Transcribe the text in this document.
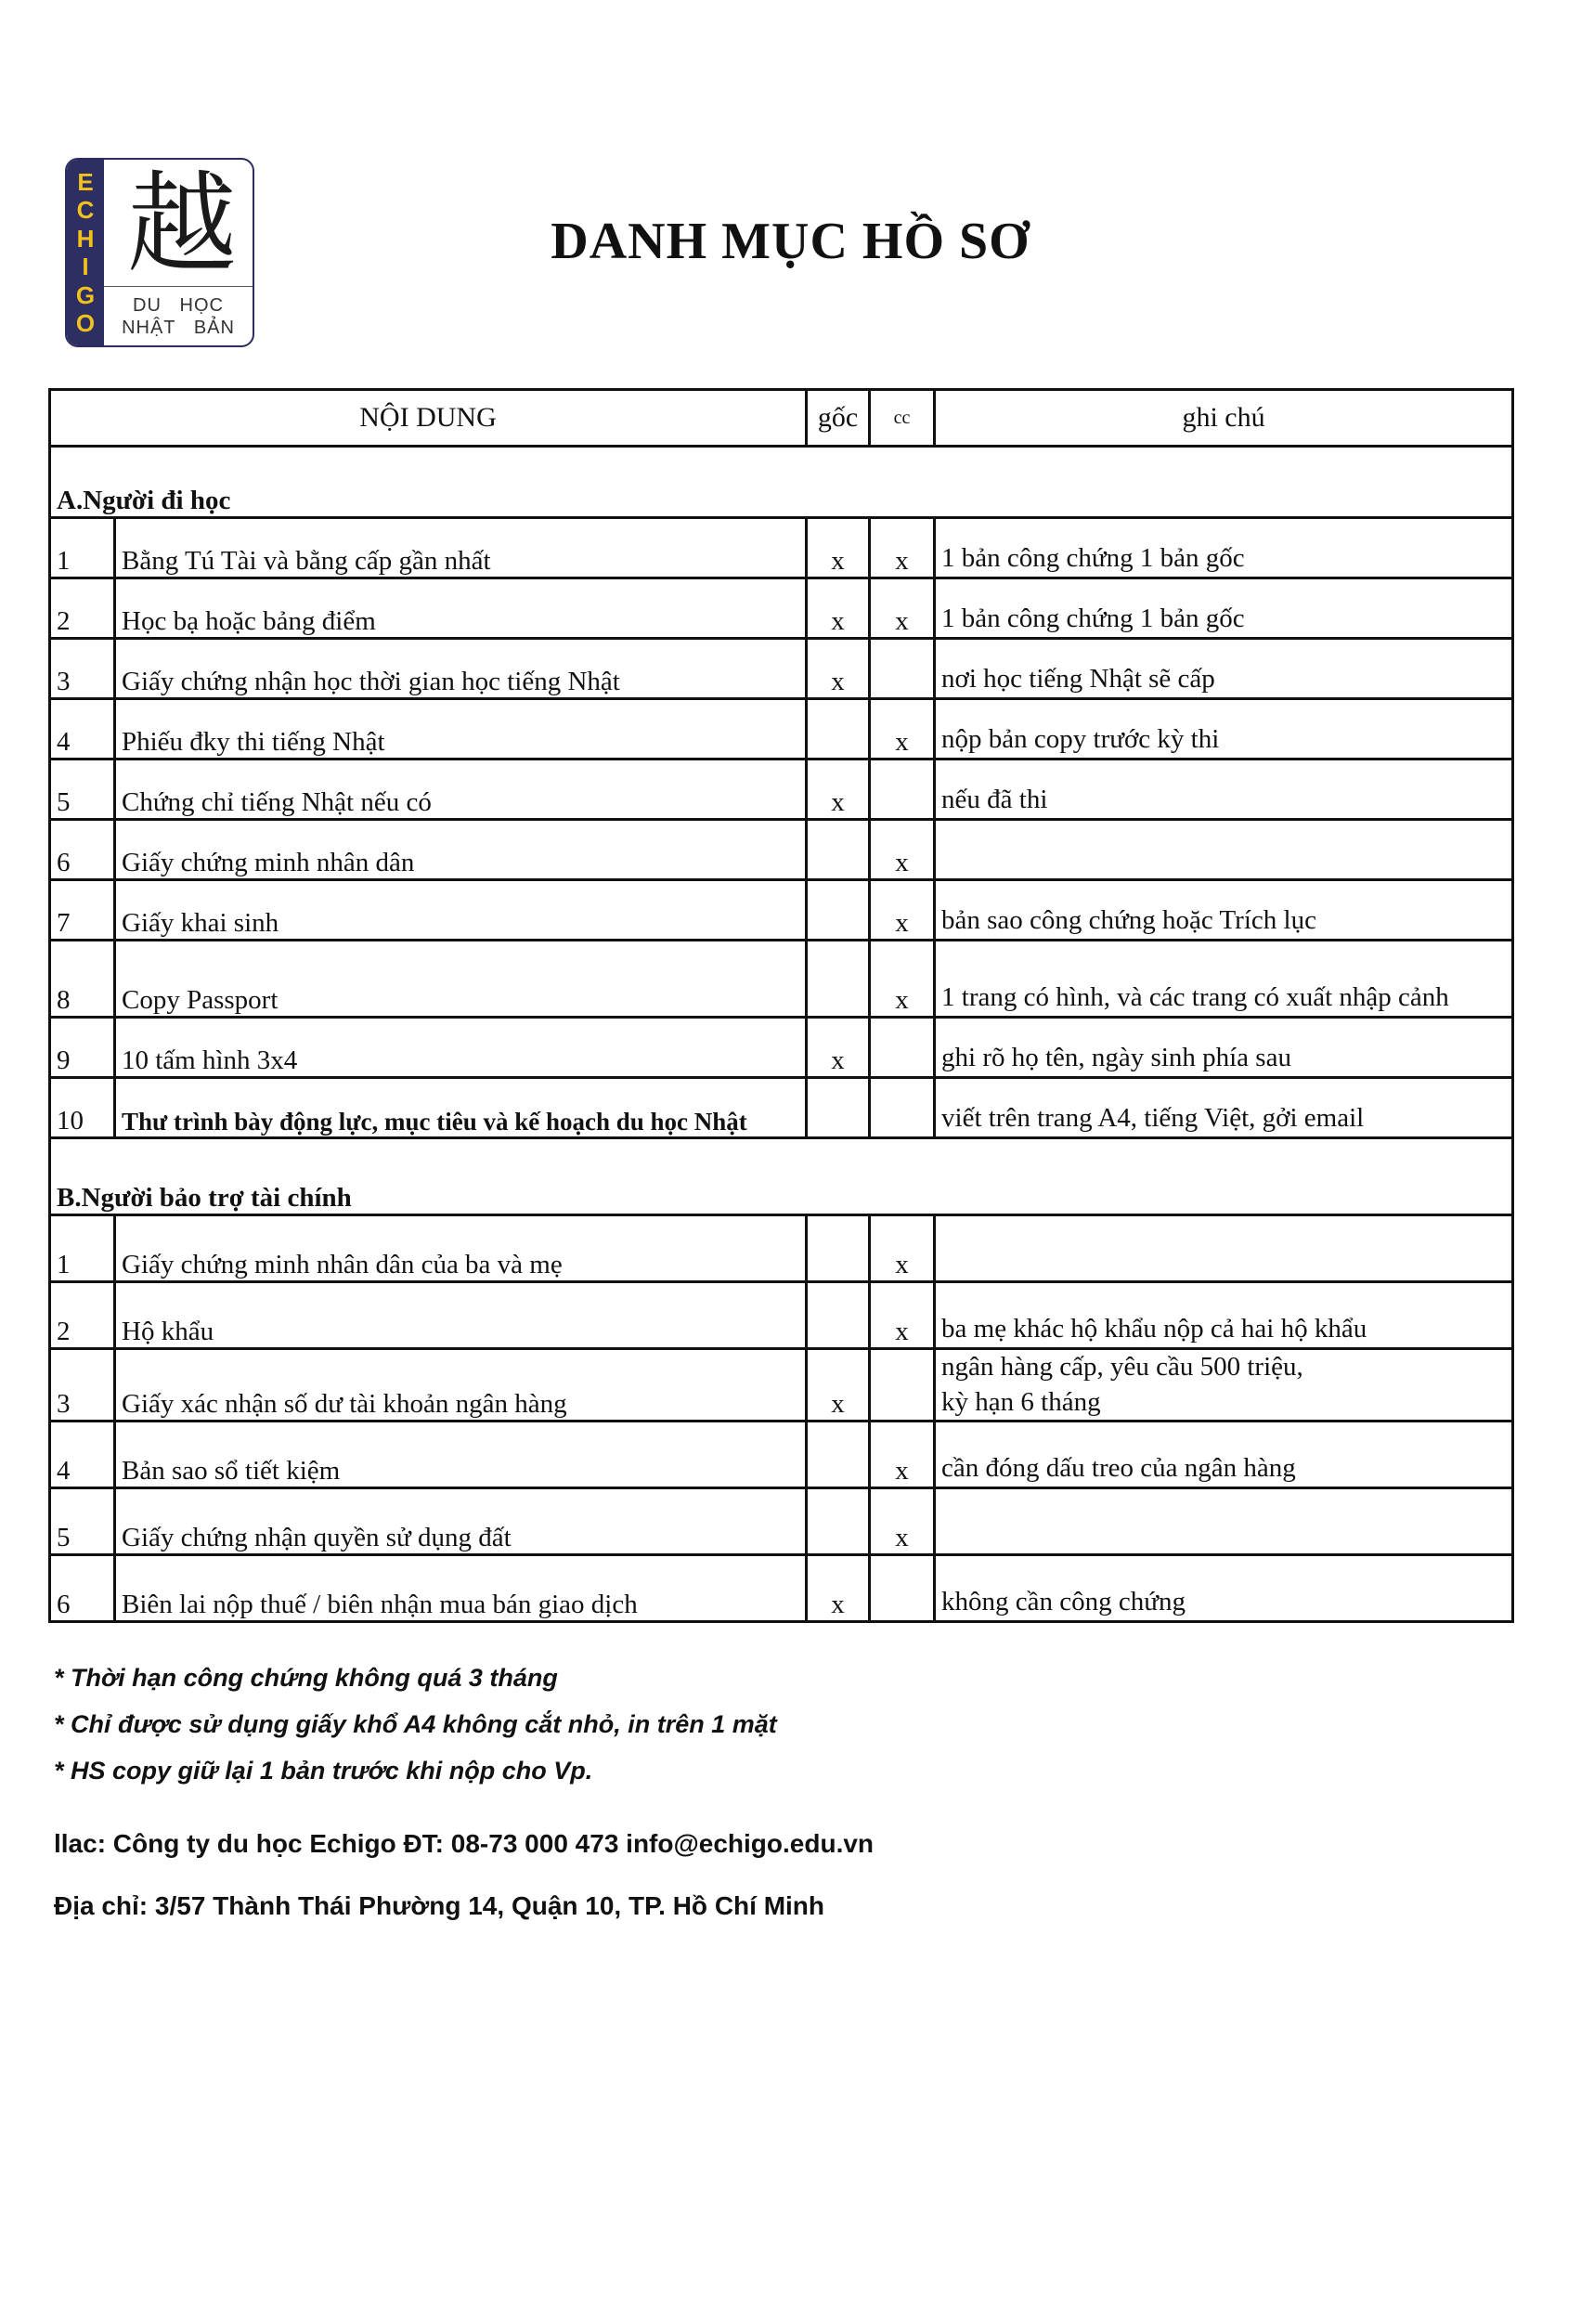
E
C
H
I
G
O
越
DU   HỌC
NHẬT   BẢN
DANH MỤC HỒ SƠ
NỘI DUNG		gốc	cc	ghi chú
A.Người đi học				
1	Bằng Tú Tài và bằng cấp gần nhất	x	x	1 bản công chứng 1 bản gốc
2	Học bạ hoặc bảng điểm	x	x	1 bản công chứng 1 bản gốc
3	Giấy chứng nhận học thời gian học tiếng Nhật	x		nơi học tiếng Nhật sẽ cấp
4	Phiếu đky thi tiếng Nhật		x	nộp bản copy trước kỳ thi
5	Chứng chỉ tiếng Nhật nếu có	x		nếu đã thi
6	Giấy chứng minh nhân dân		x	
7	Giấy khai sinh		x	bản sao công chứng hoặc Trích lục
8	Copy Passport		x	1 trang có hình, và các trang có xuất nhập cảnh
9	10 tấm hình 3x4	x		ghi rõ họ tên, ngày sinh phía sau
10	Thư trình bày động lực, mục tiêu và kế hoạch du học Nhật			viết trên trang A4, tiếng Việt, gởi email
B.Người bảo trợ tài chính				
1	Giấy chứng minh nhân dân của ba và mẹ		x	
2	Hộ khẩu		x	ba mẹ khác hộ khẩu nộp cả hai hộ khẩu
3	Giấy xác nhận số dư tài khoản ngân hàng	x		ngân hàng cấp, yêu cầu 500 triệu,
kỳ hạn 6 tháng

4	Bản sao sổ tiết kiệm		x	cần đóng dấu treo của ngân hàng
5	Giấy chứng nhận quyền sử dụng đất		x	
6	Biên lai nộp thuế / biên nhận mua bán giao dịch	x		không cần công chứng
* Thời hạn công chứng không quá 3 tháng
* Chỉ được sử dụng giấy khổ A4 không cắt nhỏ, in trên 1 mặt
* HS copy giữ lại 1 bản trước khi nộp cho Vp.
llac: Công ty du học Echigo ĐT: 08-73 000 473 info@echigo.edu.vn
Địa chỉ: 3/57 Thành Thái Phường 14, Quận 10, TP. Hồ Chí Minh
